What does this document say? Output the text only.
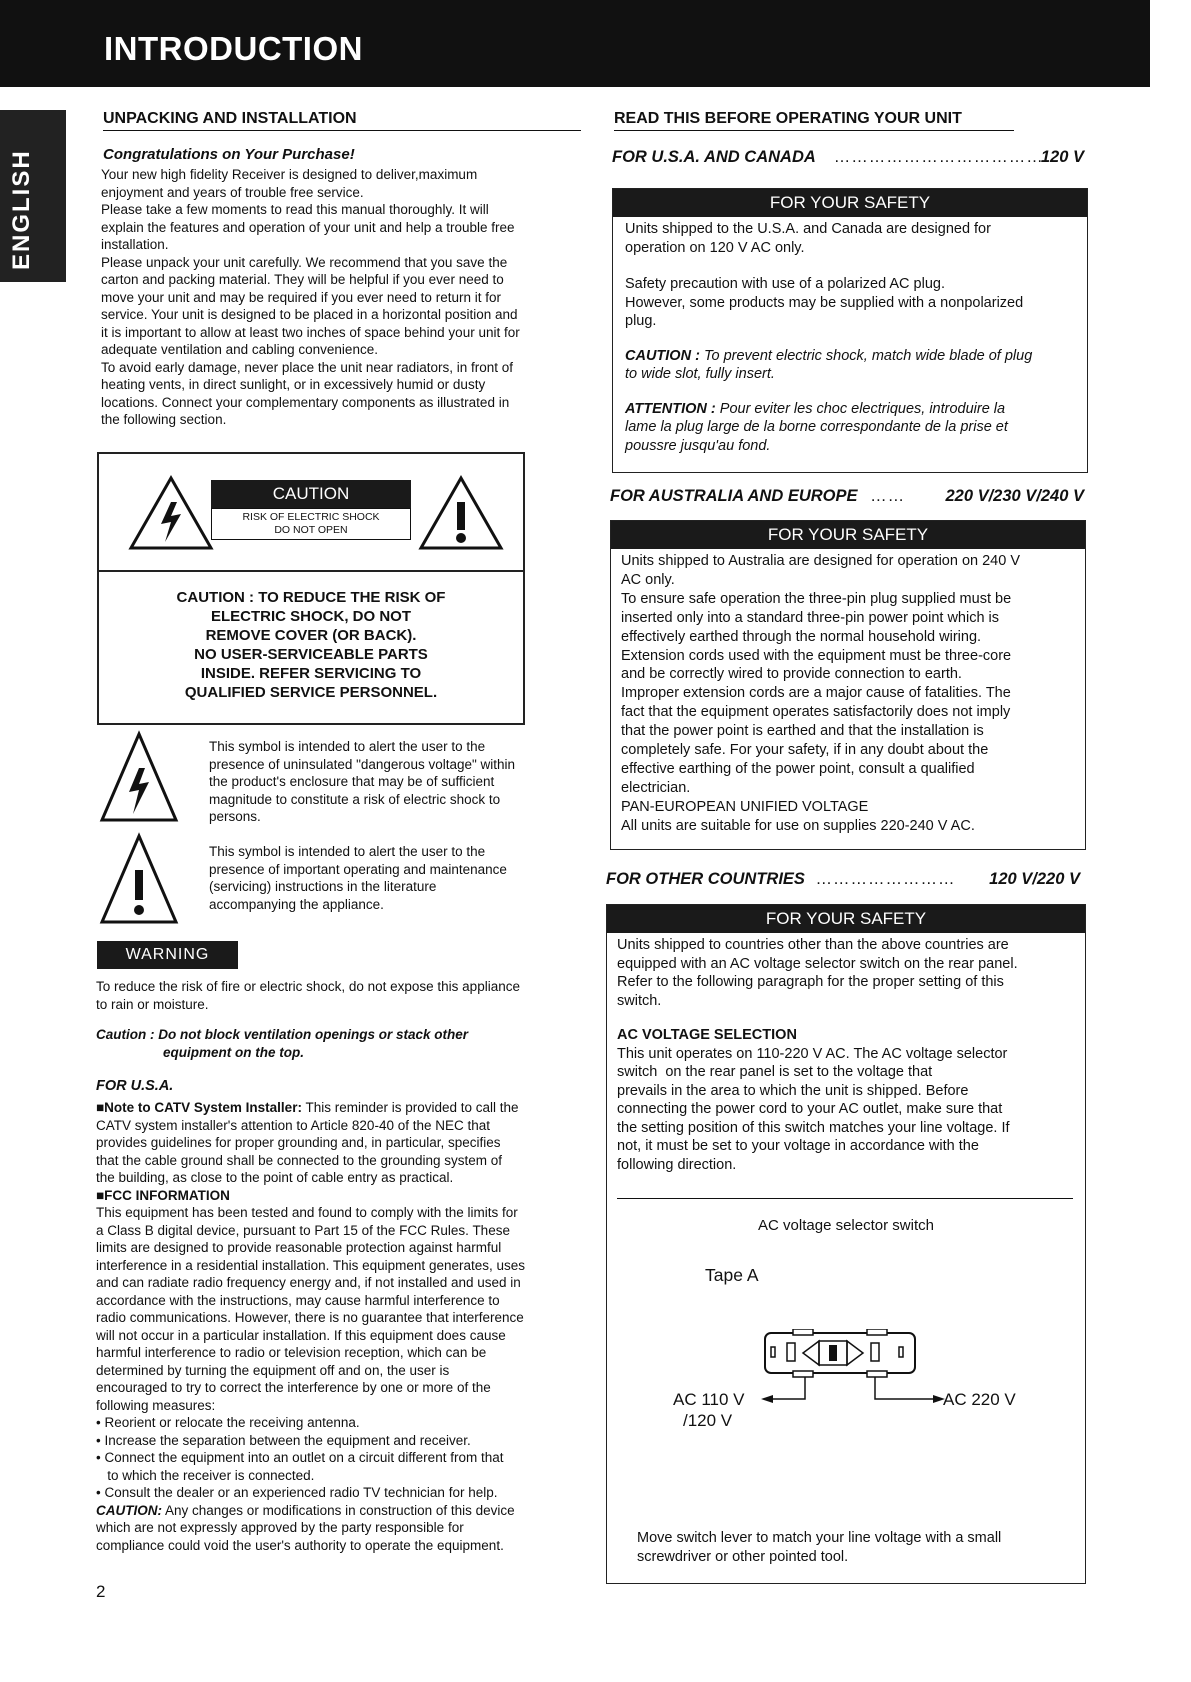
INTRODUCTION
ENGLISH
UNPACKING AND INSTALLATION
Congratulations on Your Purchase!
Your new high fidelity Receiver is designed to deliver,maximum
enjoyment and years of trouble free service.
Please take a few moments to read this manual thoroughly. It will
explain the features and operation of your unit and help a trouble free
installation.
Please unpack your unit carefully. We recommend that you save the
carton and packing material. They will be helpful if you ever need to
move your unit and may be required if you ever need to return it for
service. Your unit is designed to be placed in a horizontal position and
it is important to allow at least two inches of space behind your unit for
adequate ventilation and cabling convenience.
To avoid early damage, never place the unit near radiators, in front of
heating vents, in direct sunlight, or in excessively humid or dusty
locations. Connect your complementary components as illustrated in
the following section.
CAUTION
RISK OF ELECTRIC SHOCK
DO NOT OPEN
CAUTION : TO REDUCE THE RISK OF
ELECTRIC SHOCK, DO NOT
REMOVE COVER (OR BACK).
NO USER-SERVICEABLE PARTS
INSIDE. REFER SERVICING TO
QUALIFIED SERVICE PERSONNEL.
This symbol is intended to alert the user to the
presence of uninsulated "dangerous voltage" within
the product's enclosure that may be of sufficient
magnitude to constitute a risk of electric shock to
persons.
This symbol is intended to alert the user to the
presence of important operating and maintenance
(servicing) instructions in the literature
accompanying the appliance.
WARNING
To reduce the risk of fire or electric shock, do not expose this appliance
to rain or moisture.
Caution : Do not block ventilation openings or stack other
equipment on the top.
FOR U.S.A.
■Note to CATV System Installer: This reminder is provided to call the
CATV system installer's attention to Article 820-40 of the NEC that
provides guidelines for proper grounding and, in particular, specifies
that the cable ground shall be connected to the grounding system of
the building, as close to the point of cable entry as practical.
■FCC INFORMATION
This equipment has been tested and found to comply with the limits for
a Class B digital device, pursuant to Part 15 of the FCC Rules. These
limits are designed to provide reasonable protection against harmful
interference in a residential installation. This equipment generates, uses
and can radiate radio frequency energy and, if not installed and used in
accordance with the instructions, may cause harmful interference to
radio communications. However, there is no guarantee that interference
will not occur in a particular installation. If this equipment does cause
harmful interference to radio or television reception, which can be
determined by turning the equipment off and on, the user is
encouraged to try to correct the interference by one or more of the
following measures:
• Reorient or relocate the receiving antenna.
• Increase the separation between the equipment and receiver.
• Connect the equipment into an outlet on a circuit different from that
to which the receiver is connected.
• Consult the dealer or an experienced radio TV technician for help.
CAUTION: Any changes or modifications in construction of this device
which are not expressly approved by the party responsible for
compliance could void the user's authority to operate the equipment.
2
READ THIS BEFORE OPERATING YOUR UNIT
FOR U.S.A. AND CANADA ………………………………
120 V
FOR YOUR SAFETY
Units shipped to the U.S.A. and Canada are designed for
operation on 120 V AC only.
Safety precaution with use of a polarized AC plug.
However, some products may be supplied with a nonpolarized
plug.
CAUTION : To prevent electric shock, match wide blade of plug
to wide slot, fully insert.
ATTENTION : Pour eviter les choc electriques, introduire la
lame la plug large de la borne correspondante de la prise et
poussre jusqu'au fond.
FOR AUSTRALIA AND EUROPE …… 220 V/230 V/240 V
FOR YOUR SAFETY
Units shipped to Australia are designed for operation on 240 V
AC only.
To ensure safe operation the three-pin plug supplied must be
inserted only into a standard three-pin power point which is
effectively earthed through the normal household wiring.
Extension cords used with the equipment must be three-core
and be correctly wired to provide connection to earth.
Improper extension cords are a major cause of fatalities. The
fact that the equipment operates satisfactorily does not imply
that the power point is earthed and that the installation is
completely safe. For your safety, if in any doubt about the
effective earthing of the power point, consult a qualified
electrician.
PAN-EUROPEAN UNIFIED VOLTAGE
All units are suitable for use on supplies 220-240 V AC.
FOR OTHER COUNTRIES …………………… 120 V/220 V
FOR YOUR SAFETY
Units shipped to countries other than the above countries are
equipped with an AC voltage selector switch on the rear panel.
Refer to the following paragraph for the proper setting of this
switch.
AC VOLTAGE SELECTION
This unit operates on 110-220 V AC. The AC voltage selector
switch  on the rear panel is set to the voltage that
prevails in the area to which the unit is shipped. Before
connecting the power cord to your AC outlet, make sure that
the setting position of this switch matches your line voltage. If
not, it must be set to your voltage in accordance with the
following direction.
AC voltage selector switch
Tape A
AC 110 V
/120 V
AC 220 V
Move switch lever to match your line voltage with a small
screwdriver or other pointed tool.
